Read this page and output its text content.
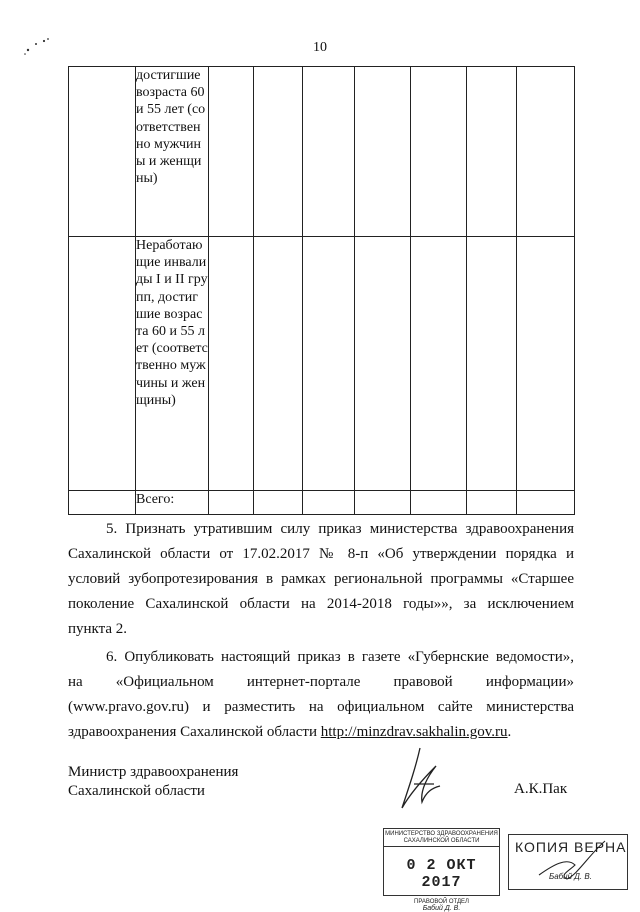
10
	достигшие возраста 60 и 55 лет (соответственно мужчины и женщины)							
	Неработающие инвалиды I и II групп, достигшие возраста 60 и 55 лет (соответственно мужчины и женщины)							
	Всего:							
5. Признать утратившим силу приказ министерства здравоохранения
Сахалинской области от 17.02.2017 № 8-п «Об утверждении порядка и
условий зубопротезирования в рамках региональной программы «Старшее
поколение Сахалинской области на 2014-2018 годы»», за исключением
пункта 2.
6. Опубликовать настоящий приказ в газете «Губернские ведомости»,
на «Официальном интернет-портале правовой информации»
(www.pravo.gov.ru) и разместить на официальном сайте министерства
здравоохранения Сахалинской области http://minzdrav.sakhalin.gov.ru.
Министр здравоохранения
Сахалинской области	А.К.Пак
МИНИСТЕРСТВО ЗДРАВООХРАНЕНИЯ САХАЛИНСКОЙ ОБЛАСТИ
0 2 ОКТ 2017
ПРАВОВОЙ ОТДЕЛ
Бабий Д. В.
КОПИЯ ВЕРНА
Бабий Д. В.
